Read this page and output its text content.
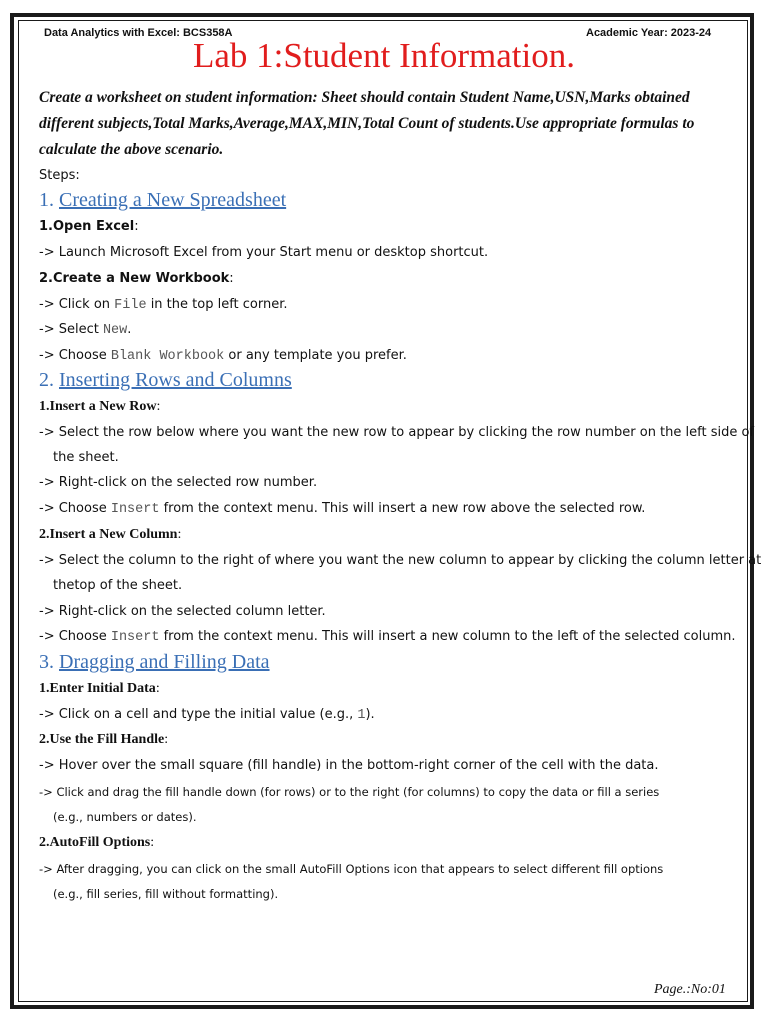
Data Analytics with Excel: BCS358A	Academic Year: 2023-24
Lab 1:Student Information.
Create a worksheet on student information: Sheet should contain Student Name,USN,Marks obtained
different subjects,Total Marks,Average,MAX,MIN,Total Count of students.Use appropriate formulas to
calculate the above scenario.
Steps:
1. Creating a New Spreadsheet
1.Open Excel:
-> Launch Microsoft Excel from your Start menu or desktop shortcut.
2.Create a New Workbook:
-> Click on File in the top left corner.
-> Select New.
-> Choose Blank Workbook or any template you prefer.
2. Inserting Rows and Columns
1.Insert a New Row:
-> Select the row below where you want the new row to appear by clicking the row number on the left side of
the sheet.
-> Right-click on the selected row number.
-> Choose Insert from the context menu. This will insert a new row above the selected row.
2.Insert a New Column:
-> Select the column to the right of where you want the new column to appear by clicking the column letter at
thetop of the sheet.
-> Right-click on the selected column letter.
-> Choose Insert from the context menu. This will insert a new column to the left of the selected column.
3. Dragging and Filling Data
1.Enter Initial Data:
-> Click on a cell and type the initial value (e.g., 1).
2.Use the Fill Handle:
-> Hover over the small square (fill handle) in the bottom-right corner of the cell with the data.
-> Click and drag the fill handle down (for rows) or to the right (for columns) to copy the data or fill a series
(e.g., numbers or dates).
2.AutoFill Options:
-> After dragging, you can click on the small AutoFill Options icon that appears to select different fill options
(e.g., fill series, fill without formatting).
Page.:No:01
